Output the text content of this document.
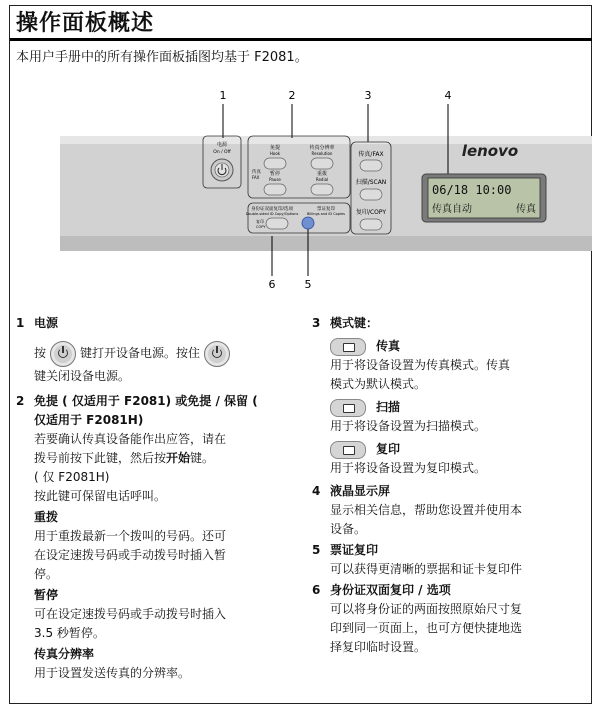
操作面板概述
本用户手册中的所有操作面板插图均基于 F2081。
1	2	3	4
5
6
电源
On / Off
免提
Hook
传真分辨率
Resolution
传真
FAX
暂停
Pause
重拨
Redial
身份证双面复印/选项
Double-sided ID Copy/Options
票证复印
Billings and ID Copies
复印
COPY
传真/FAX
扫描/SCAN
复印/COPY
lenovo
06/18 10:00
传真自动	传真
1 电源
按	键打开设备电源。按住
键关闭设备电源。
2 免提 ( 仅适用于 F2081) 或免提 / 保留 (
仅适用于 F2081H)
若要确认传真设备能作出应答，请在
拨号前按下此键，然后按开始键。
( 仅 F2081H)
按此键可保留电话呼叫。
重拨
用于重拨最新一个拨叫的号码。还可
在设定速拨号码或手动拨号时插入暂
停。
暂停
可在设定速拨号码或手动拨号时插入
3.5 秒暂停。
传真分辨率
用于设置发送传真的分辨率。
3 模式键：
传真
用于将设备设置为传真模式。传真
模式为默认模式。
扫描
用于将设备设置为扫描模式。
复印
用于将设备设置为复印模式。
4 液晶显示屏
显示相关信息，帮助您设置并使用本
设备。
5 票证复印
可以获得更清晰的票据和证卡复印件
6 身份证双面复印 / 选项
可以将身份证的两面按照原始尺寸复
印到同一页面上，也可方便快捷地选
择复印临时设置。
